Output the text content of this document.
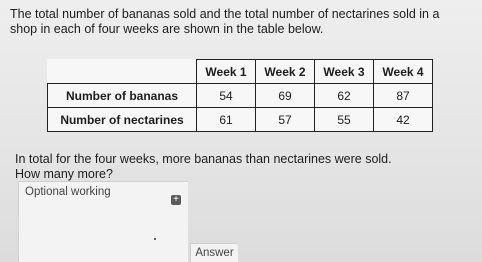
The total number of bananas sold and the total number of nectarines sold in a
shop in each of four weeks are shown in the table below.

	Week 1	Week 2	Week 3	Week 4
Number of bananas	54	69	62	87
Number of nectarines	61	57	55	42

In total for the four weeks, more bananas than nectarines were sold.

How many more?

Optional working
+
Answer
